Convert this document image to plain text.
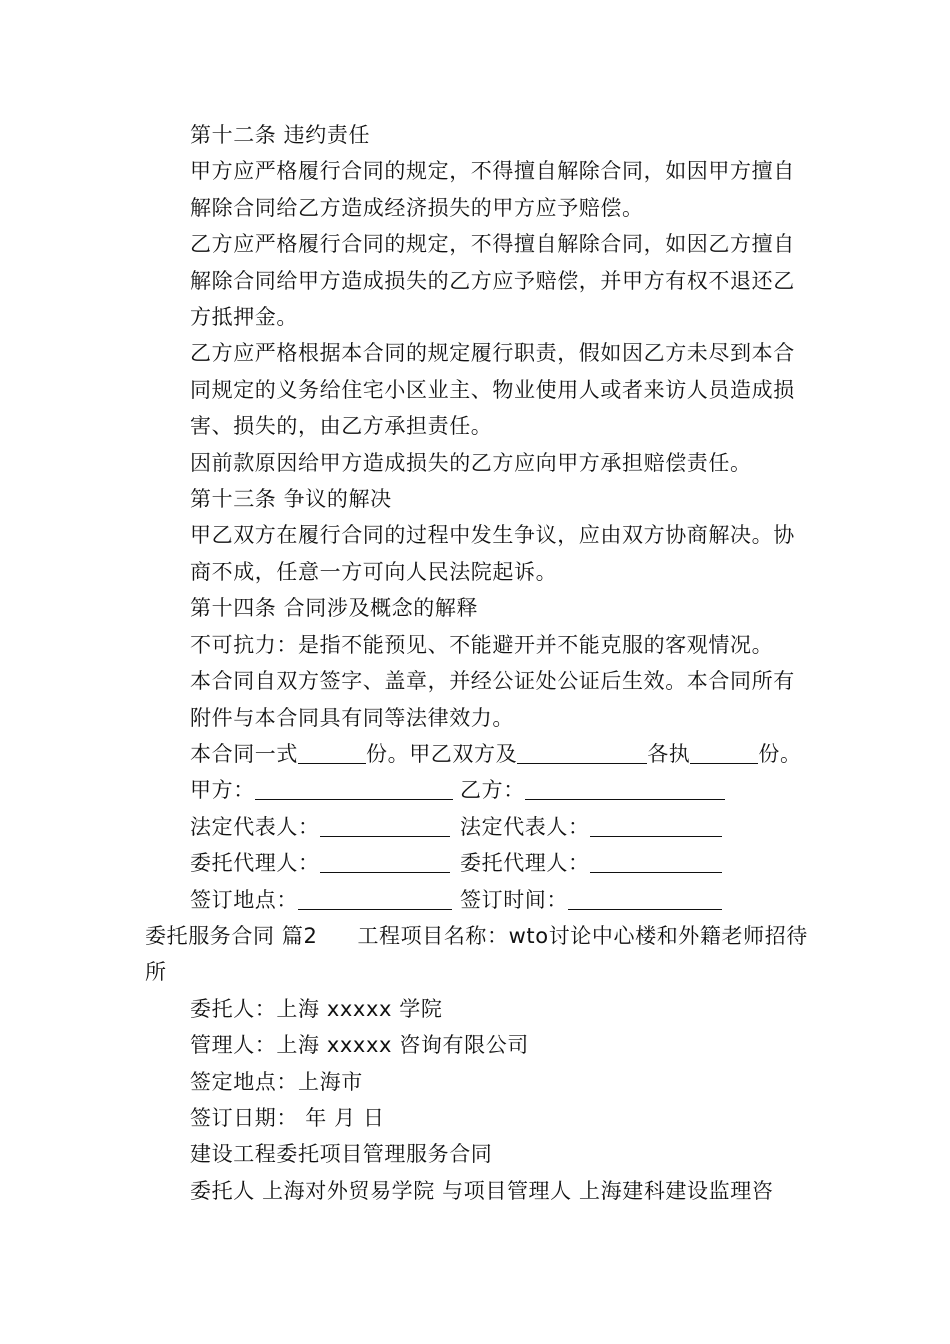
第十二条 违约责任

甲方应严格履行合同的规定，不得擅自解除合同，如因甲方擅自解除合同给乙方造成经济损失的甲方应予赔偿。

乙方应严格履行合同的规定，不得擅自解除合同，如因乙方擅自解除合同给甲方造成损失的乙方应予赔偿，并甲方有权不退还乙方抵押金。

乙方应严格根据本合同的规定履行职责，假如因乙方未尽到本合同规定的义务给住宅小区业主、物业使用人或者来访人员造成损害、损失的，由乙方承担责任。

因前款原因给甲方造成损失的乙方应向甲方承担赔偿责任。

第十三条 争议的解决

甲乙双方在履行合同的过程中发生争议，应由双方协商解决。协商不成，任意一方可向人民法院起诉。

第十四条 合同涉及概念的解释

不可抗力：是指不能预见、不能避开并不能克服的客观情况。

本合同自双方签字、盖章，并经公证处公证后生效。本合同所有附件与本合同具有同等法律效力。

本合同一式	份。甲乙双方及	各执	份。

甲方：	乙方：
法定代表人：	法定代表人：
委托代理人：	委托代理人：
签订地点：	签订时间：

委托服务合同 篇2 工程项目名称：wto讨论中心楼和外籍老师招待所

委托人：上海 xxxxx 学院

管理人：上海 xxxxx 咨询有限公司

签定地点：上海市

签订日期： 年 月 日

建设工程委托项目管理服务合同

委托人 上海对外贸易学院 与项目管理人 上海建科建设监理咨
